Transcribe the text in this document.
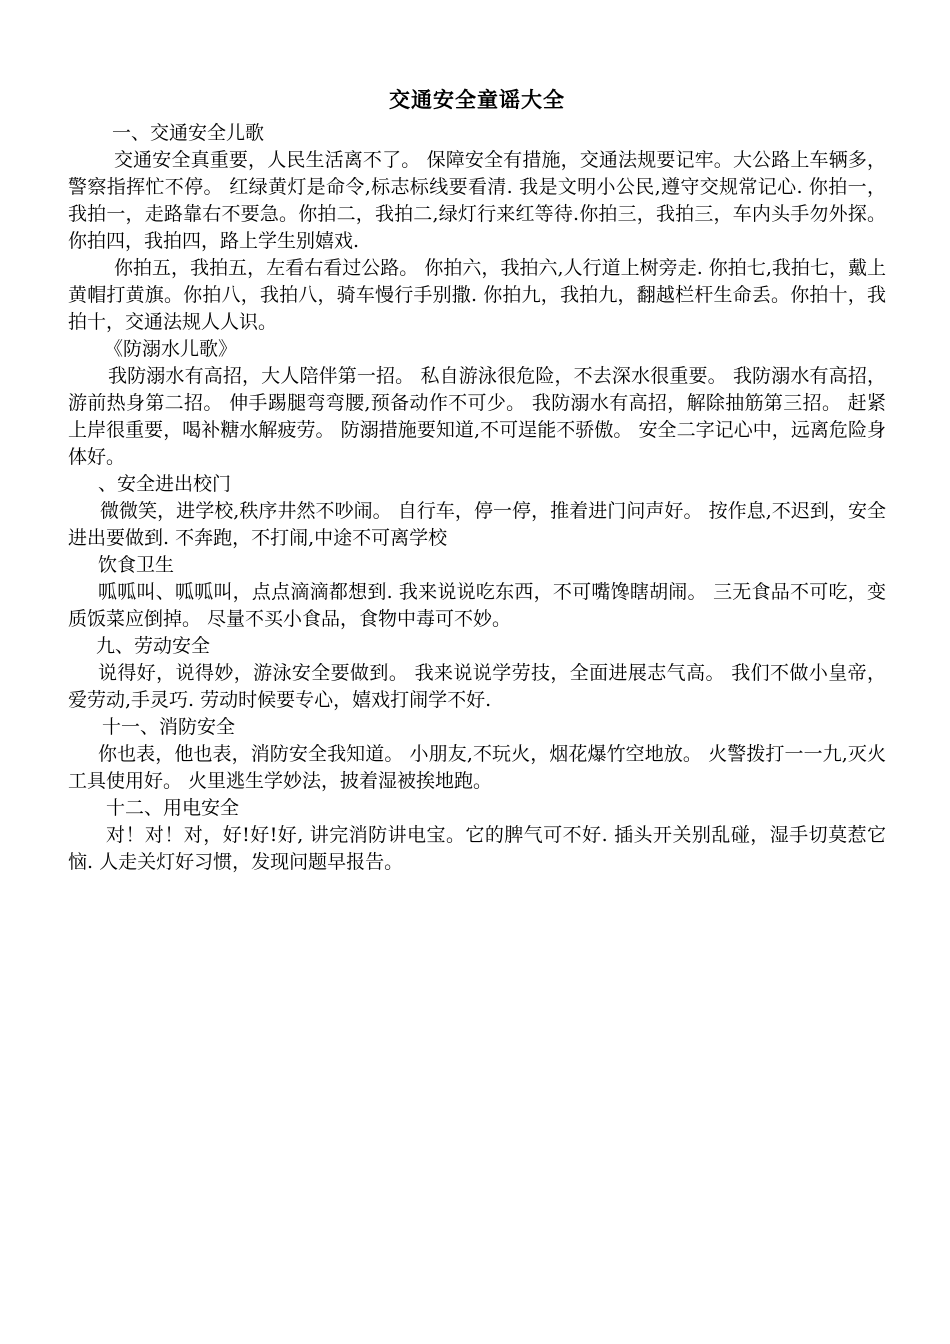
交通安全童谣大全

一、交通安全儿歌

交通安全真重要，人民生活离不了。 保障安全有措施，交通法规要记牢。大公路上车辆多，警察指挥忙不停。 红绿黄灯是命令,标志标线要看清. 我是文明小公民,遵守交规常记心. 你拍一，我拍一，走路靠右不要急。你拍二，我拍二,绿灯行来红等待.你拍三，我拍三，车内头手勿外探。你拍四，我拍四，路上学生别嬉戏.

你拍五，我拍五，左看右看过公路。 你拍六，我拍六,人行道上树旁走. 你拍七,我拍七，戴上黄帽打黄旗。你拍八，我拍八，骑车慢行手别撒. 你拍九，我拍九，翻越栏杆生命丢。你拍十，我拍十，交通法规人人识。

《防溺水儿歌》

我防溺水有高招，大人陪伴第一招。 私自游泳很危险，不去深水很重要。 我防溺水有高招，游前热身第二招。 伸手踢腿弯弯腰,预备动作不可少。 我防溺水有高招，解除抽筋第三招。 赶紧上岸很重要，喝补糖水解疲劳。 防溺措施要知道,不可逞能不骄傲。 安全二字记心中，远离危险身体好。

、安全进出校门

微微笑，进学校,秩序井然不吵闹。 自行车，停一停，推着进门问声好。 按作息,不迟到，安全进出要做到. 不奔跑，不打闹,中途不可离学校

饮食卫生

呱呱叫、呱呱叫，点点滴滴都想到. 我来说说吃东西，不可嘴馋瞎胡闹。 三无食品不可吃，变质饭菜应倒掉。 尽量不买小食品，食物中毒可不妙。

九、劳动安全

说得好，说得妙，游泳安全要做到。 我来说说学劳技，全面进展志气高。 我们不做小皇帝，爱劳动,手灵巧. 劳动时候要专心，嬉戏打闹学不好.

十一、消防安全

你也表，他也表，消防安全我知道。 小朋友,不玩火，烟花爆竹空地放。 火警拨打一一九,灭火工具使用好。 火里逃生学妙法，披着湿被挨地跑。

十二、用电安全

对！对！对，好!好!好, 讲完消防讲电宝。它的脾气可不好. 插头开关别乱碰，湿手切莫惹它恼. 人走关灯好习惯，发现问题早报告。
